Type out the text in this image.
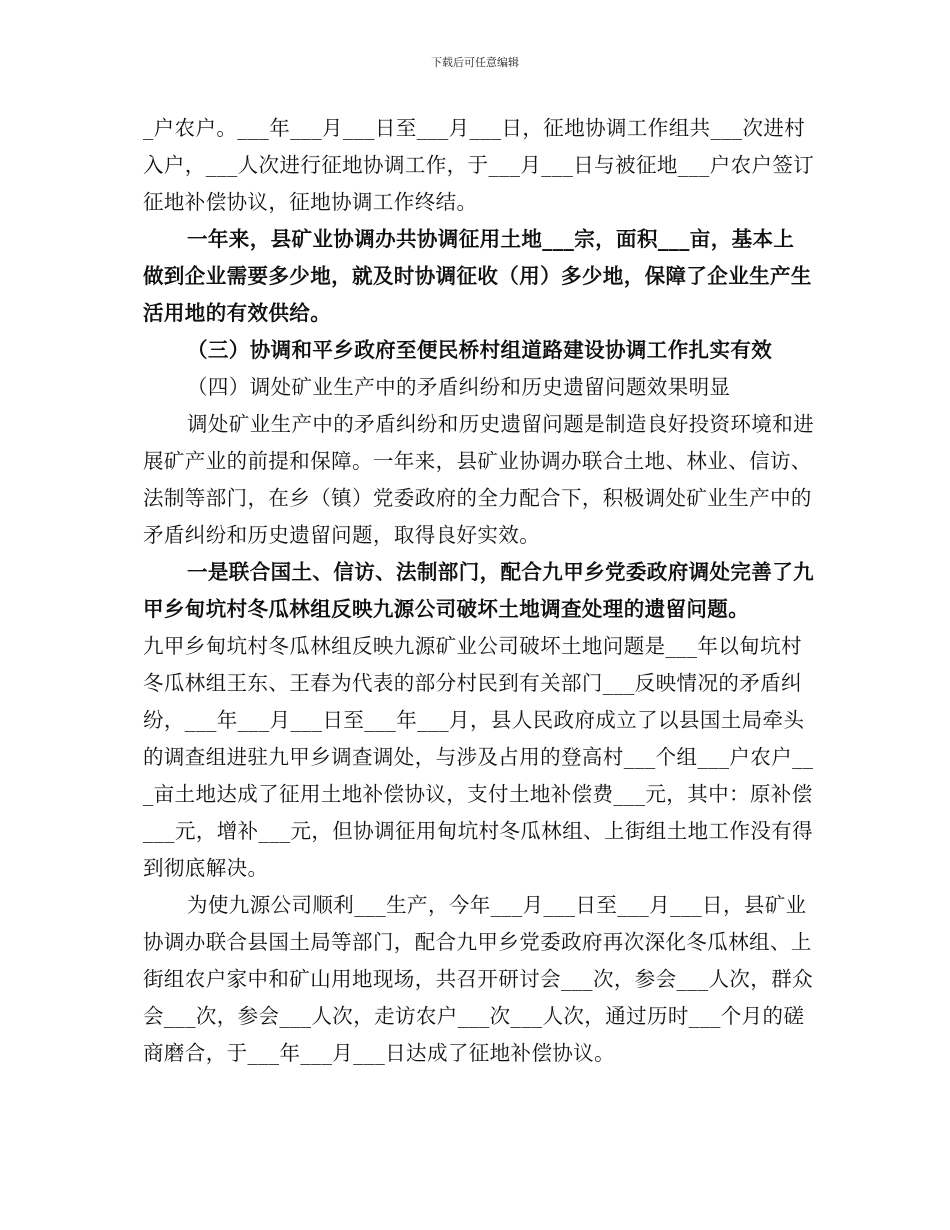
下载后可任意编辑

_户农户。___年___月___日至___月___日，征地协调工作组共___次进村入户，___人次进行征地协调工作，于___月___日与被征地___户农户签订征地补偿协议，征地协调工作终结。

一年来，县矿业协调办共协调征用土地___宗，面积___亩，基本上做到企业需要多少地，就及时协调征收（用）多少地，保障了企业生产生活用地的有效供给。

（三）协调和平乡政府至便民桥村组道路建设协调工作扎实有效

（四）调处矿业生产中的矛盾纠纷和历史遗留问题效果明显

调处矿业生产中的矛盾纠纷和历史遗留问题是制造良好投资环境和进展矿产业的前提和保障。一年来，县矿业协调办联合土地、林业、信访、法制等部门，在乡（镇）党委政府的全力配合下，积极调处矿业生产中的矛盾纠纷和历史遗留问题，取得良好实效。

一是联合国土、信访、法制部门，配合九甲乡党委政府调处完善了九甲乡甸坑村冬瓜林组反映九源公司破坏土地调查处理的遗留问题。

九甲乡甸坑村冬瓜林组反映九源矿业公司破坏土地问题是___年以甸坑村冬瓜林组王东、王春为代表的部分村民到有关部门___反映情况的矛盾纠纷，___年___月___日至___年___月，县人民政府成立了以县国土局牵头的调查组进驻九甲乡调查调处，与涉及占用的登高村___个组___户农户___亩土地达成了征用土地补偿协议，支付土地补偿费___元，其中：原补偿___元，增补___元，但协调征用甸坑村冬瓜林组、上街组土地工作没有得到彻底解决。

为使九源公司顺利___生产，今年___月___日至___月___日，县矿业协调办联合县国土局等部门，配合九甲乡党委政府再次深化冬瓜林组、上街组农户家中和矿山用地现场，共召开研讨会___次，参会___人次，群众会___次，参会___人次，走访农户___次___人次，通过历时___个月的磋商磨合，于___年___月___日达成了征地补偿协议。
